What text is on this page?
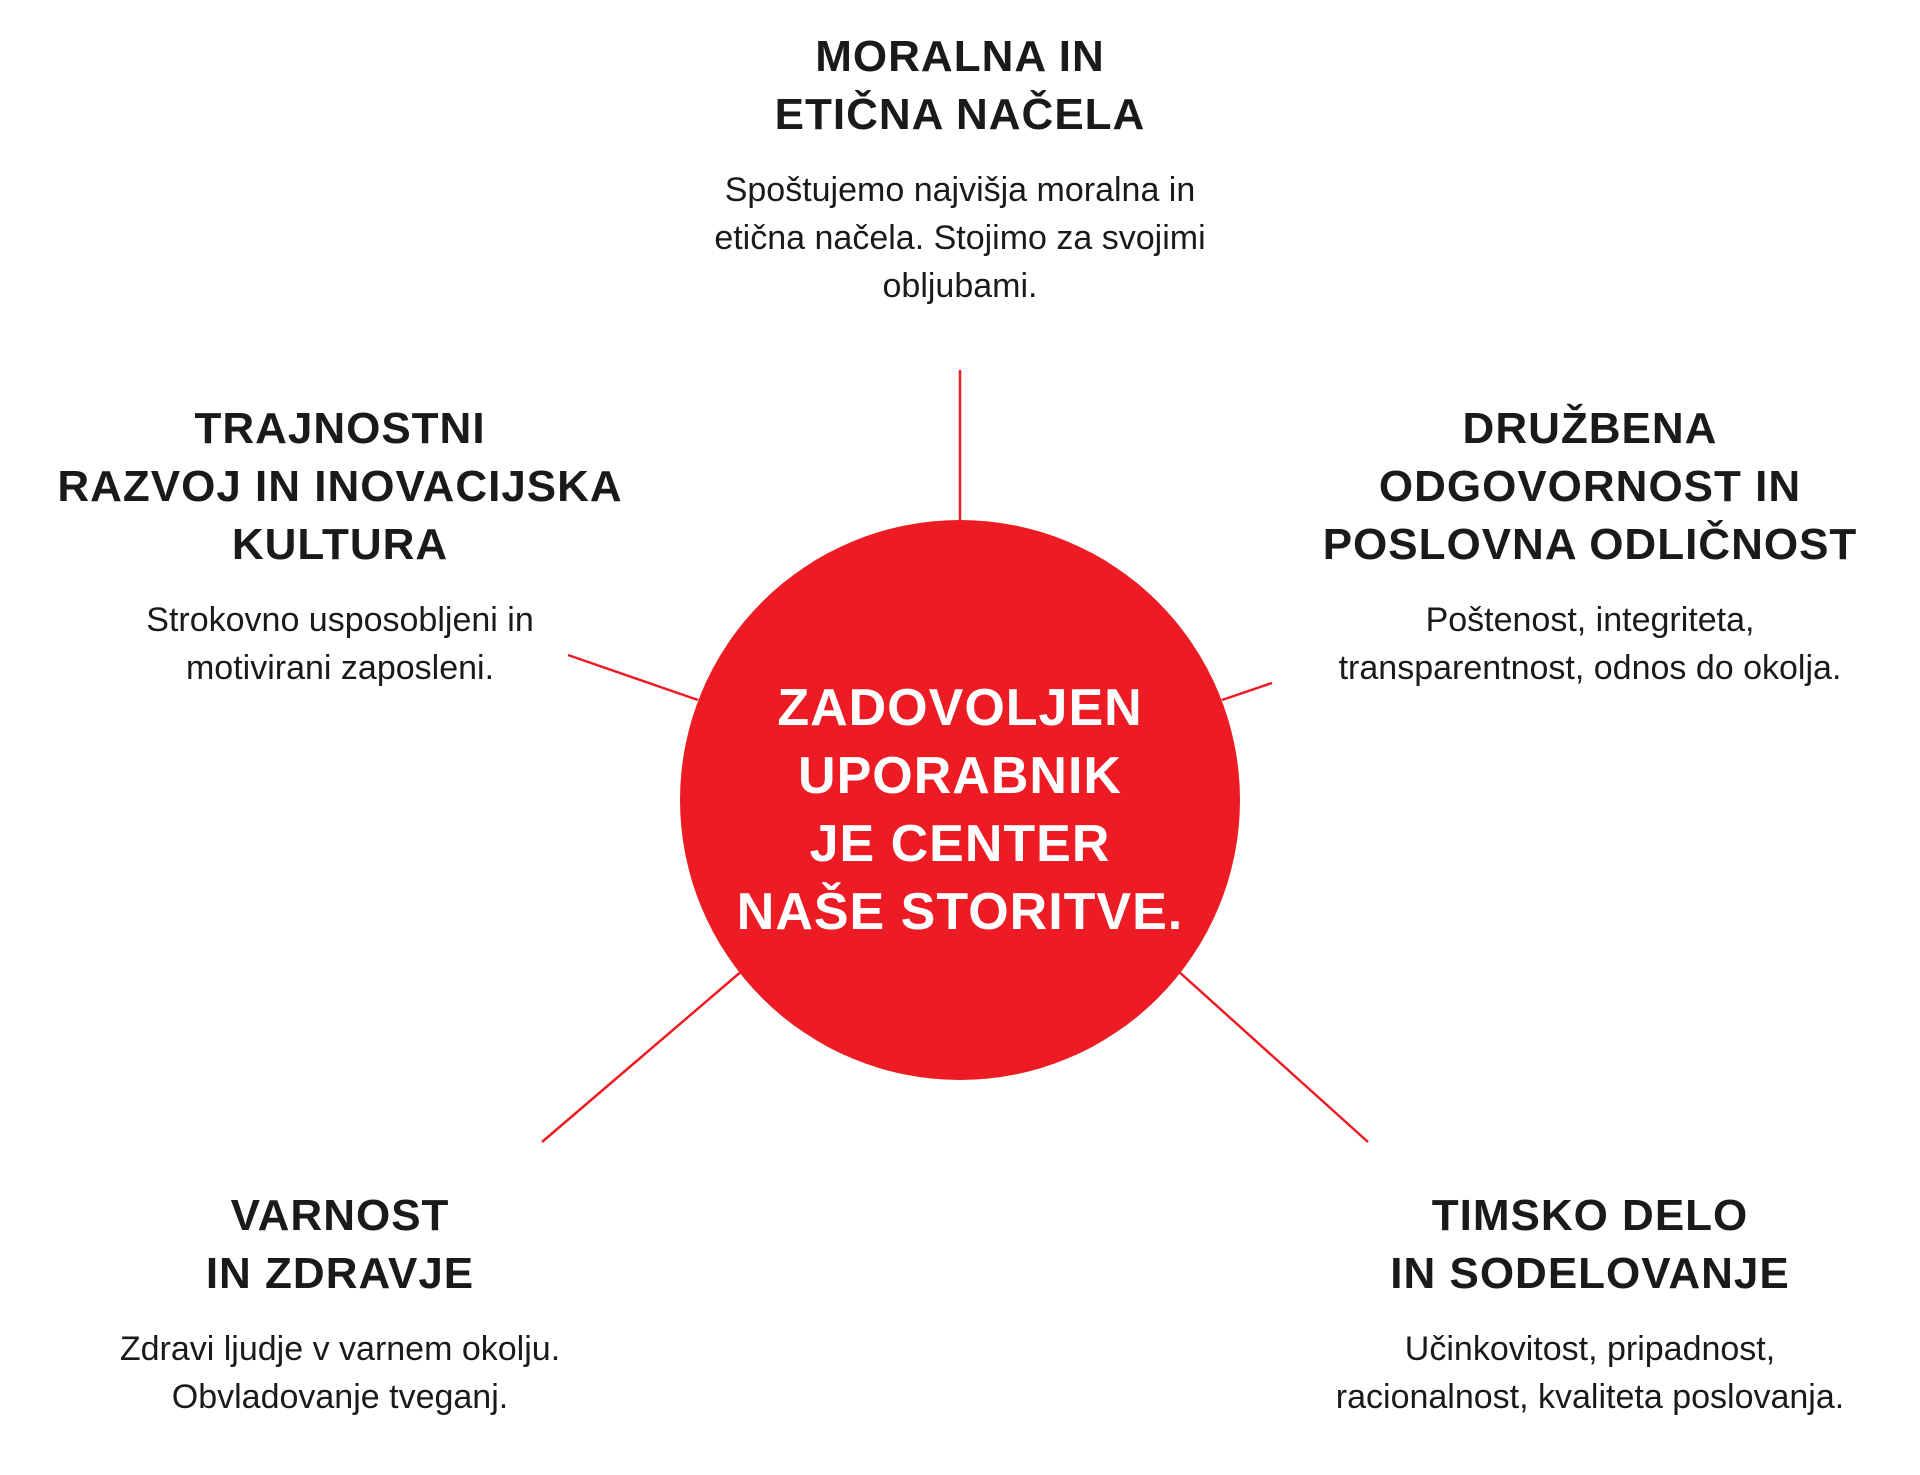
ZADOVOLJEN
UPORABNIK
JE CENTER
NAŠE STORITVE.
MORALNA IN
ETIČNA NAČELA

Spoštujemo najvišja moralna in
etična načela. Stojimo za svojimi
obljubami.

TRAJNOSTNI
RAZVOJ IN INOVACIJSKA
KULTURA

Strokovno usposobljeni in
motivirani zaposleni.

DRUŽBENA
ODGOVORNOST IN
POSLOVNA ODLIČNOST

Poštenost, integriteta,
transparentnost, odnos do okolja.

VARNOST
IN ZDRAVJE

Zdravi ljudje v varnem okolju.
Obvladovanje tveganj.

TIMSKO DELO
IN SODELOVANJE

Učinkovitost, pripadnost,
racionalnost, kvaliteta poslovanja.
